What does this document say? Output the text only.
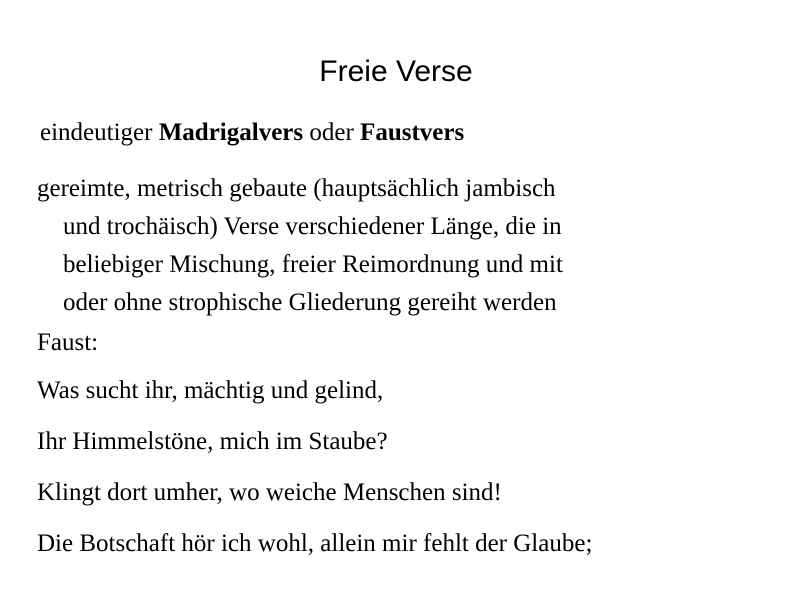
Freie Verse
eindeutiger Madrigalvers oder Faustvers
gereimte, metrisch gebaute (hauptsächlich jambisch
und trochäisch) Verse verschiedener Länge, die in
beliebiger Mischung, freier Reimordnung und mit
oder ohne strophische Gliederung gereiht werden
Faust:
Was sucht ihr, mächtig und gelind,
Ihr Himmelstöne, mich im Staube?
Klingt dort umher, wo weiche Menschen sind!
Die Botschaft hör ich wohl, allein mir fehlt der Glaube;
